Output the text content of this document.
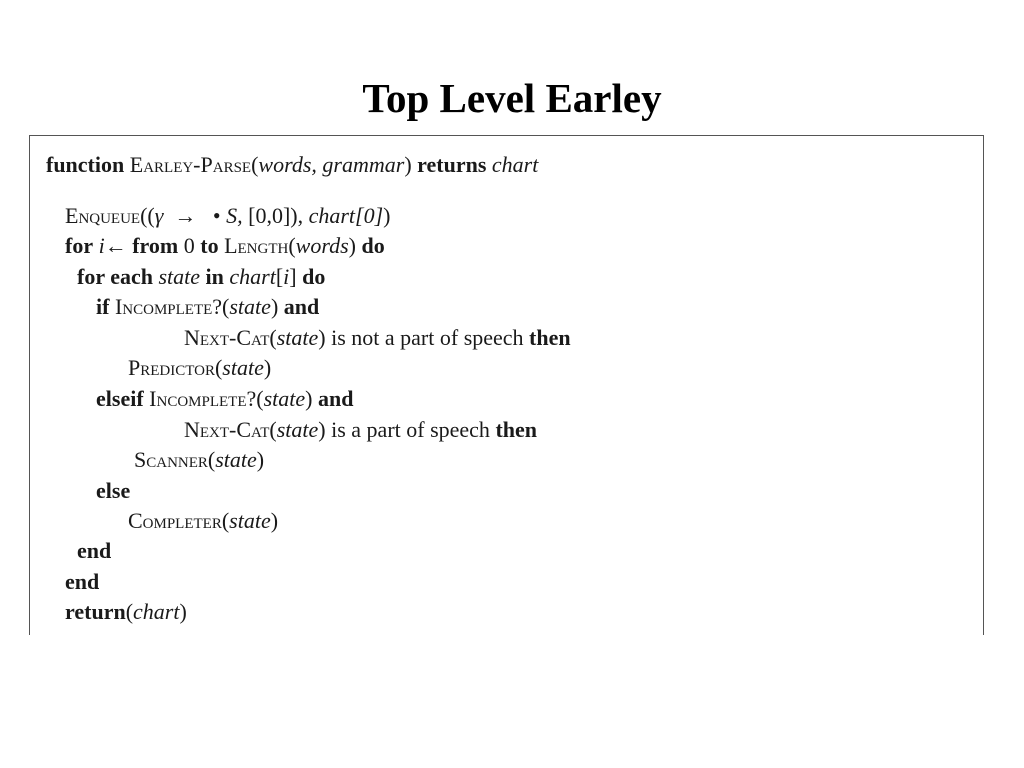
Top Level Earley
function Earley-Parse(words, grammar) returns chart
Enqueue((γ → • S, [0,0]), chart[0])
for i← from 0 to Length(words) do
for each state in chart[i] do
if Incomplete?(state) and
Next-Cat(state) is not a part of speech then
Predictor(state)
elseif Incomplete?(state) and
Next-Cat(state) is a part of speech then
Scanner(state)
else
Completer(state)
end
end
return(chart)
